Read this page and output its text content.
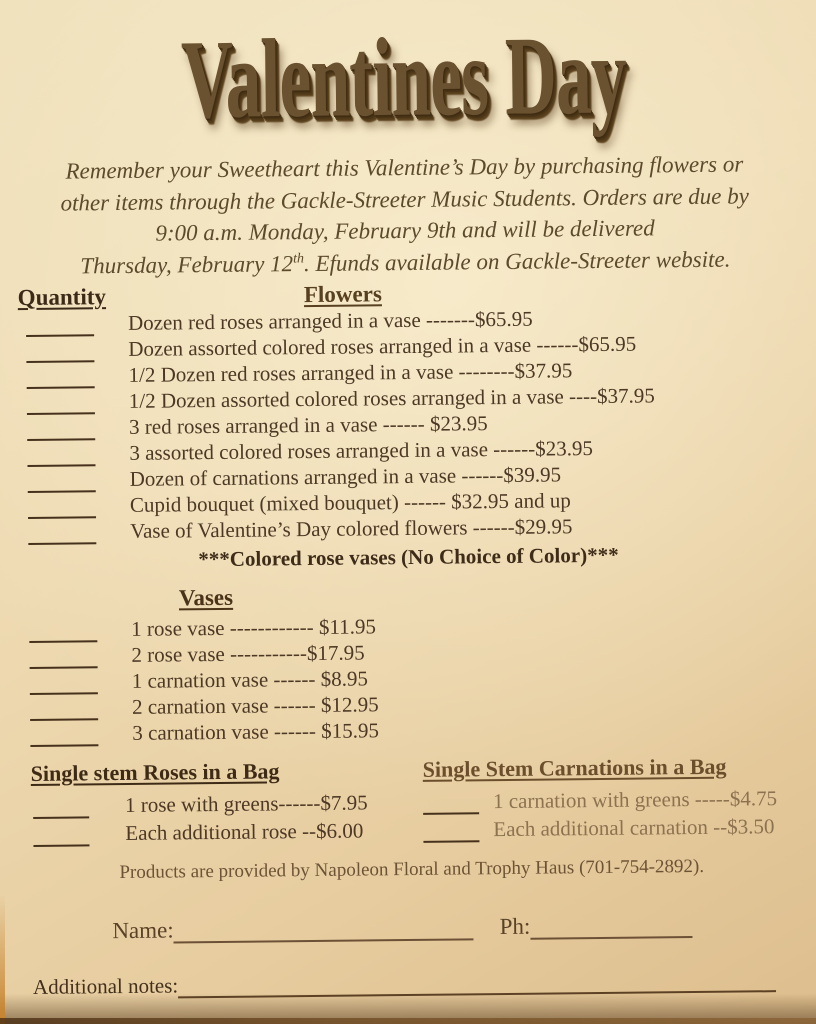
Valentines Day
Remember your Sweetheart this Valentine’s Day by purchasing flowers or
other items through the Gackle-Streeter Music Students. Orders are due by
9:00 a.m. Monday, February 9th and will be delivered
Thursday, February 12th. Efunds available on Gackle-Streeter website.
Quantity	Flowers
Dozen red roses arranged in a vase -------$65.95
Dozen assorted colored roses arranged in a vase ------$65.95
1/2 Dozen red roses arranged in a vase --------$37.95
1/2 Dozen assorted colored roses arranged in a vase ----$37.95
3 red roses arranged in a vase ------ $23.95
3 assorted colored roses arranged in a vase ------$23.95
Dozen of carnations arranged in a vase ------$39.95
Cupid bouquet (mixed bouquet) ------ $32.95 and up
Vase of Valentine’s Day colored flowers ------$29.95
***Colored rose vases (No Choice of Color)***
Vases
1 rose vase ------------ $11.95
2 rose vase -----------$17.95
1 carnation vase ------ $8.95
2 carnation vase ------ $12.95
3 carnation vase ------ $15.95
Single stem Roses in a Bag
1 rose with greens------$7.95
Each additional rose --$6.00
Single Stem Carnations in a Bag
1 carnation with greens -----$4.75
Each additional carnation --$3.50
Products are provided by Napoleon Floral and Trophy Haus (701-754-2892).
Name:	Ph:
Additional notes:
